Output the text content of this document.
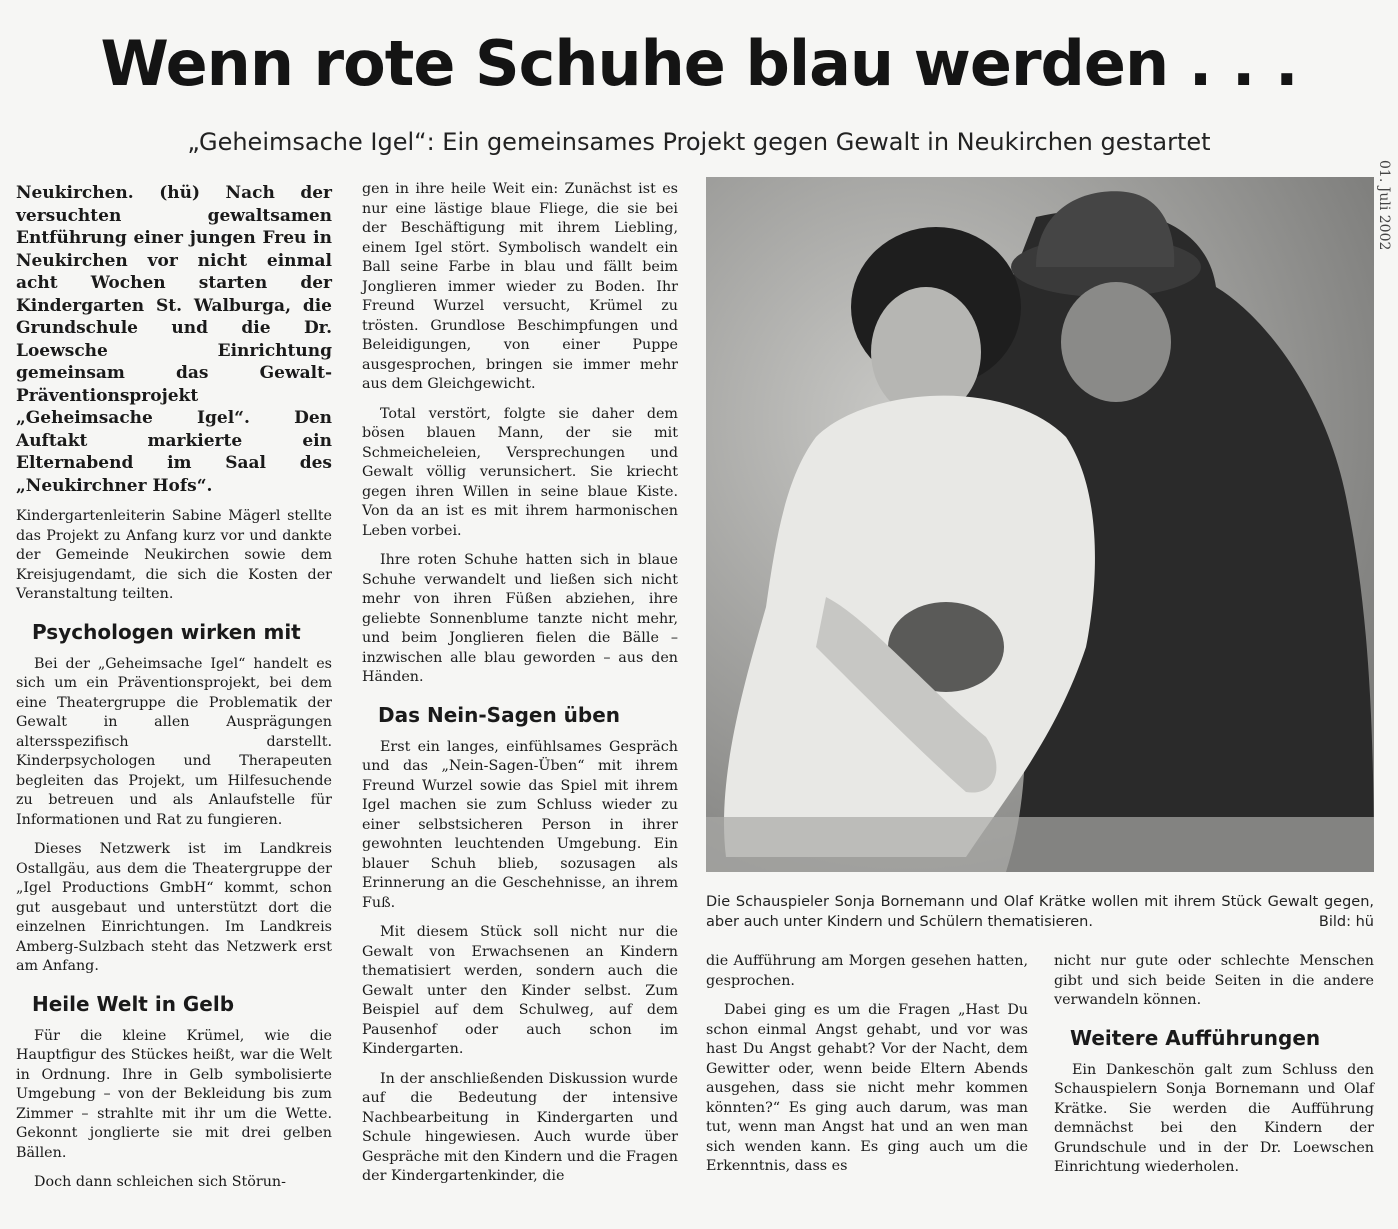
Wenn rote Schuhe blau werden . . .
„Geheimsache Igel“: Ein gemeinsames Projekt gegen Gewalt in Neukirchen gestartet
01. Juli 2002

Neukirchen. (hü) Nach der versuchten gewaltsamen Entführung einer jungen Freu in Neukirchen vor nicht einmal acht Wochen starten der Kindergarten St. Walburga, die Grundschule und die Dr. Loewsche Einrichtung gemeinsam das Gewalt-Präventionsprojekt „Geheimsache Igel“. Den Auftakt markierte ein Elternabend im Saal des „Neukirchner Hofs“.

Kindergartenleiterin Sabine Mägerl stellte das Projekt zu Anfang kurz vor und dankte der Gemeinde Neukirchen sowie dem Kreisjugendamt, die sich die Kosten der Veranstaltung teilten.

Psychologen wirken mit

Bei der „Geheimsache Igel“ handelt es sich um ein Präventionsprojekt, bei dem eine Theatergruppe die Problematik der Gewalt in allen Ausprägungen altersspezifisch darstellt. Kinderpsychologen und Therapeuten begleiten das Projekt, um Hilfesuchende zu betreuen und als Anlaufstelle für Informationen und Rat zu fungieren.

Dieses Netzwerk ist im Landkreis Ostallgäu, aus dem die Theatergruppe der „Igel Productions GmbH“ kommt, schon gut ausgebaut und unterstützt dort die einzelnen Einrichtungen. Im Landkreis Amberg-Sulzbach steht das Netzwerk erst am Anfang.

Heile Welt in Gelb

Für die kleine Krümel, wie die Hauptfigur des Stückes heißt, war die Welt in Ordnung. Ihre in Gelb symbolisierte Umgebung – von der Bekleidung bis zum Zimmer – strahlte mit ihr um die Wette. Gekonnt jonglierte sie mit drei gelben Bällen.

Doch dann schleichen sich Störun-

gen in ihre heile Weit ein: Zunächst ist es nur eine lästige blaue Fliege, die sie bei der Beschäftigung mit ihrem Liebling, einem Igel stört. Symbolisch wandelt ein Ball seine Farbe in blau und fällt beim Jonglieren immer wieder zu Boden. Ihr Freund Wurzel versucht, Krümel zu trösten. Grundlose Beschimpfungen und Beleidigungen, von einer Puppe ausgesprochen, bringen sie immer mehr aus dem Gleichgewicht.

Total verstört, folgte sie daher dem bösen blauen Mann, der sie mit Schmeicheleien, Versprechungen und Gewalt völlig verunsichert. Sie kriecht gegen ihren Willen in seine blaue Kiste. Von da an ist es mit ihrem harmonischen Leben vorbei.

Ihre roten Schuhe hatten sich in blaue Schuhe verwandelt und ließen sich nicht mehr von ihren Füßen abziehen, ihre geliebte Sonnenblume tanzte nicht mehr, und beim Jonglieren fielen die Bälle – inzwischen alle blau geworden – aus den Händen.

Das Nein-Sagen üben

Erst ein langes, einfühlsames Gespräch und das „Nein-Sagen-Üben“ mit ihrem Freund Wurzel sowie das Spiel mit ihrem Igel machen sie zum Schluss wieder zu einer selbstsicheren Person in ihrer gewohnten leuchtenden Umgebung. Ein blauer Schuh blieb, sozusagen als Erinnerung an die Geschehnisse, an ihrem Fuß.

Mit diesem Stück soll nicht nur die Gewalt von Erwachsenen an Kindern thematisiert werden, sondern auch die Gewalt unter den Kinder selbst. Zum Beispiel auf dem Schulweg, auf dem Pausenhof oder auch schon im Kindergarten.

In der anschließenden Diskussion wurde auf die Bedeutung der intensive Nachbearbeitung in Kindergarten und Schule hingewiesen. Auch wurde über Gespräche mit den Kindern und die Fragen der Kindergartenkinder, die

Die Schauspieler Sonja Bornemann und Olaf Krätke wollen mit ihrem Stück Gewalt gegen, aber auch unter Kindern und Schülern thematisieren.	Bild: hü

die Aufführung am Morgen gesehen hatten, gesprochen.

Dabei ging es um die Fragen „Hast Du schon einmal Angst gehabt, und vor was hast Du Angst gehabt? Vor der Nacht, dem Gewitter oder, wenn beide Eltern Abends ausgehen, dass sie nicht mehr kommen könnten?“ Es ging auch darum, was man tut, wenn man Angst hat und an wen man sich wenden kann. Es ging auch um die Erkenntnis, dass es

nicht nur gute oder schlechte Menschen gibt und sich beide Seiten in die andere verwandeln können.

Weitere Aufführungen

Ein Dankeschön galt zum Schluss den Schauspielern Sonja Bornemann und Olaf Krätke. Sie werden die Aufführung demnächst bei den Kindern der Grundschule und in der Dr. Loewschen Einrichtung wiederholen.
